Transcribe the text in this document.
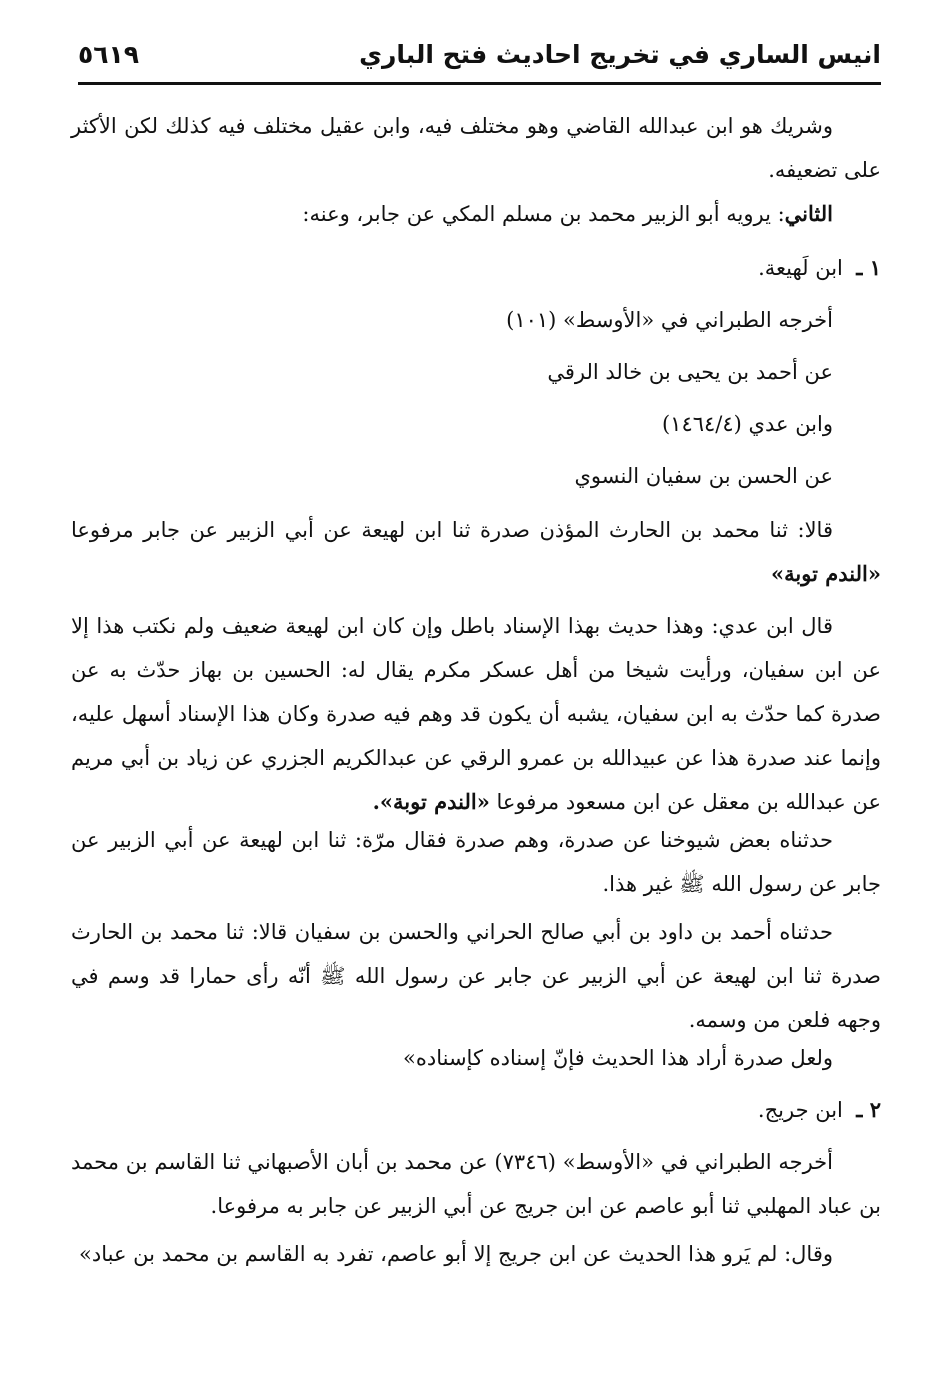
انيس الساري في تخريج احاديث فتح الباري
٥٦١٩
وشريك هو ابن عبدالله القاضي وهو مختلف فيه، وابن عقيل مختلف فيه كذلك لكن الأكثر على تضعيفه.
الثاني: يرويه أبو الزبير محمد بن مسلم المكي عن جابر، وعنه:
١ ـ  ابن لَهيعة.
أخرجه الطبراني في «الأوسط» (١٠١)
عن أحمد بن يحيى بن خالد الرقي
وابن عدي (١٤٦٤/٤)
عن الحسن بن سفيان النسوي
قالا: ثنا محمد بن الحارث المؤذن صدرة ثنا ابن لهيعة عن أبي الزبير عن جابر مرفوعا «الندم توبة»
قال ابن عدي: وهذا حديث بهذا الإسناد باطل وإن كان ابن لهيعة ضعيف ولم نكتب هذا إلا عن ابن سفيان، ورأيت شيخا من أهل عسكر مكرم يقال له: الحسين بن بهاز حدّث به عن صدرة كما حدّث به ابن سفيان، يشبه أن يكون قد وهم فيه صدرة وكان هذا الإسناد أسهل عليه، وإنما عند صدرة هذا عن عبيدالله بن عمرو الرقي عن عبدالكريم الجزري عن زياد بن أبي مريم عن عبدالله بن معقل عن ابن مسعود مرفوعا «الندم توبة».
حدثناه بعض شيوخنا عن صدرة، وهم صدرة فقال مرّة: ثنا ابن لهيعة عن أبي الزبير عن جابر عن رسول الله ﷺ غير هذا.
حدثناه أحمد بن داود بن أبي صالح الحراني والحسن بن سفيان قالا: ثنا محمد بن الحارث صدرة ثنا ابن لهيعة عن أبي الزبير عن جابر عن رسول الله ﷺ أنّه رأى حمارا قد وسم في وجهه فلعن من وسمه.
ولعل صدرة أراد هذا الحديث فإنّ إسناده كإسناده»
٢ ـ  ابن جريج.
أخرجه الطبراني في «الأوسط» (٧٣٤٦) عن محمد بن أبان الأصبهاني ثنا القاسم بن محمد بن عباد المهلبي ثنا أبو عاصم عن ابن جريج عن أبي الزبير عن جابر به مرفوعا.
وقال: لم يَرو هذا الحديث عن ابن جريج إلا أبو عاصم، تفرد به القاسم بن محمد بن عباد»
